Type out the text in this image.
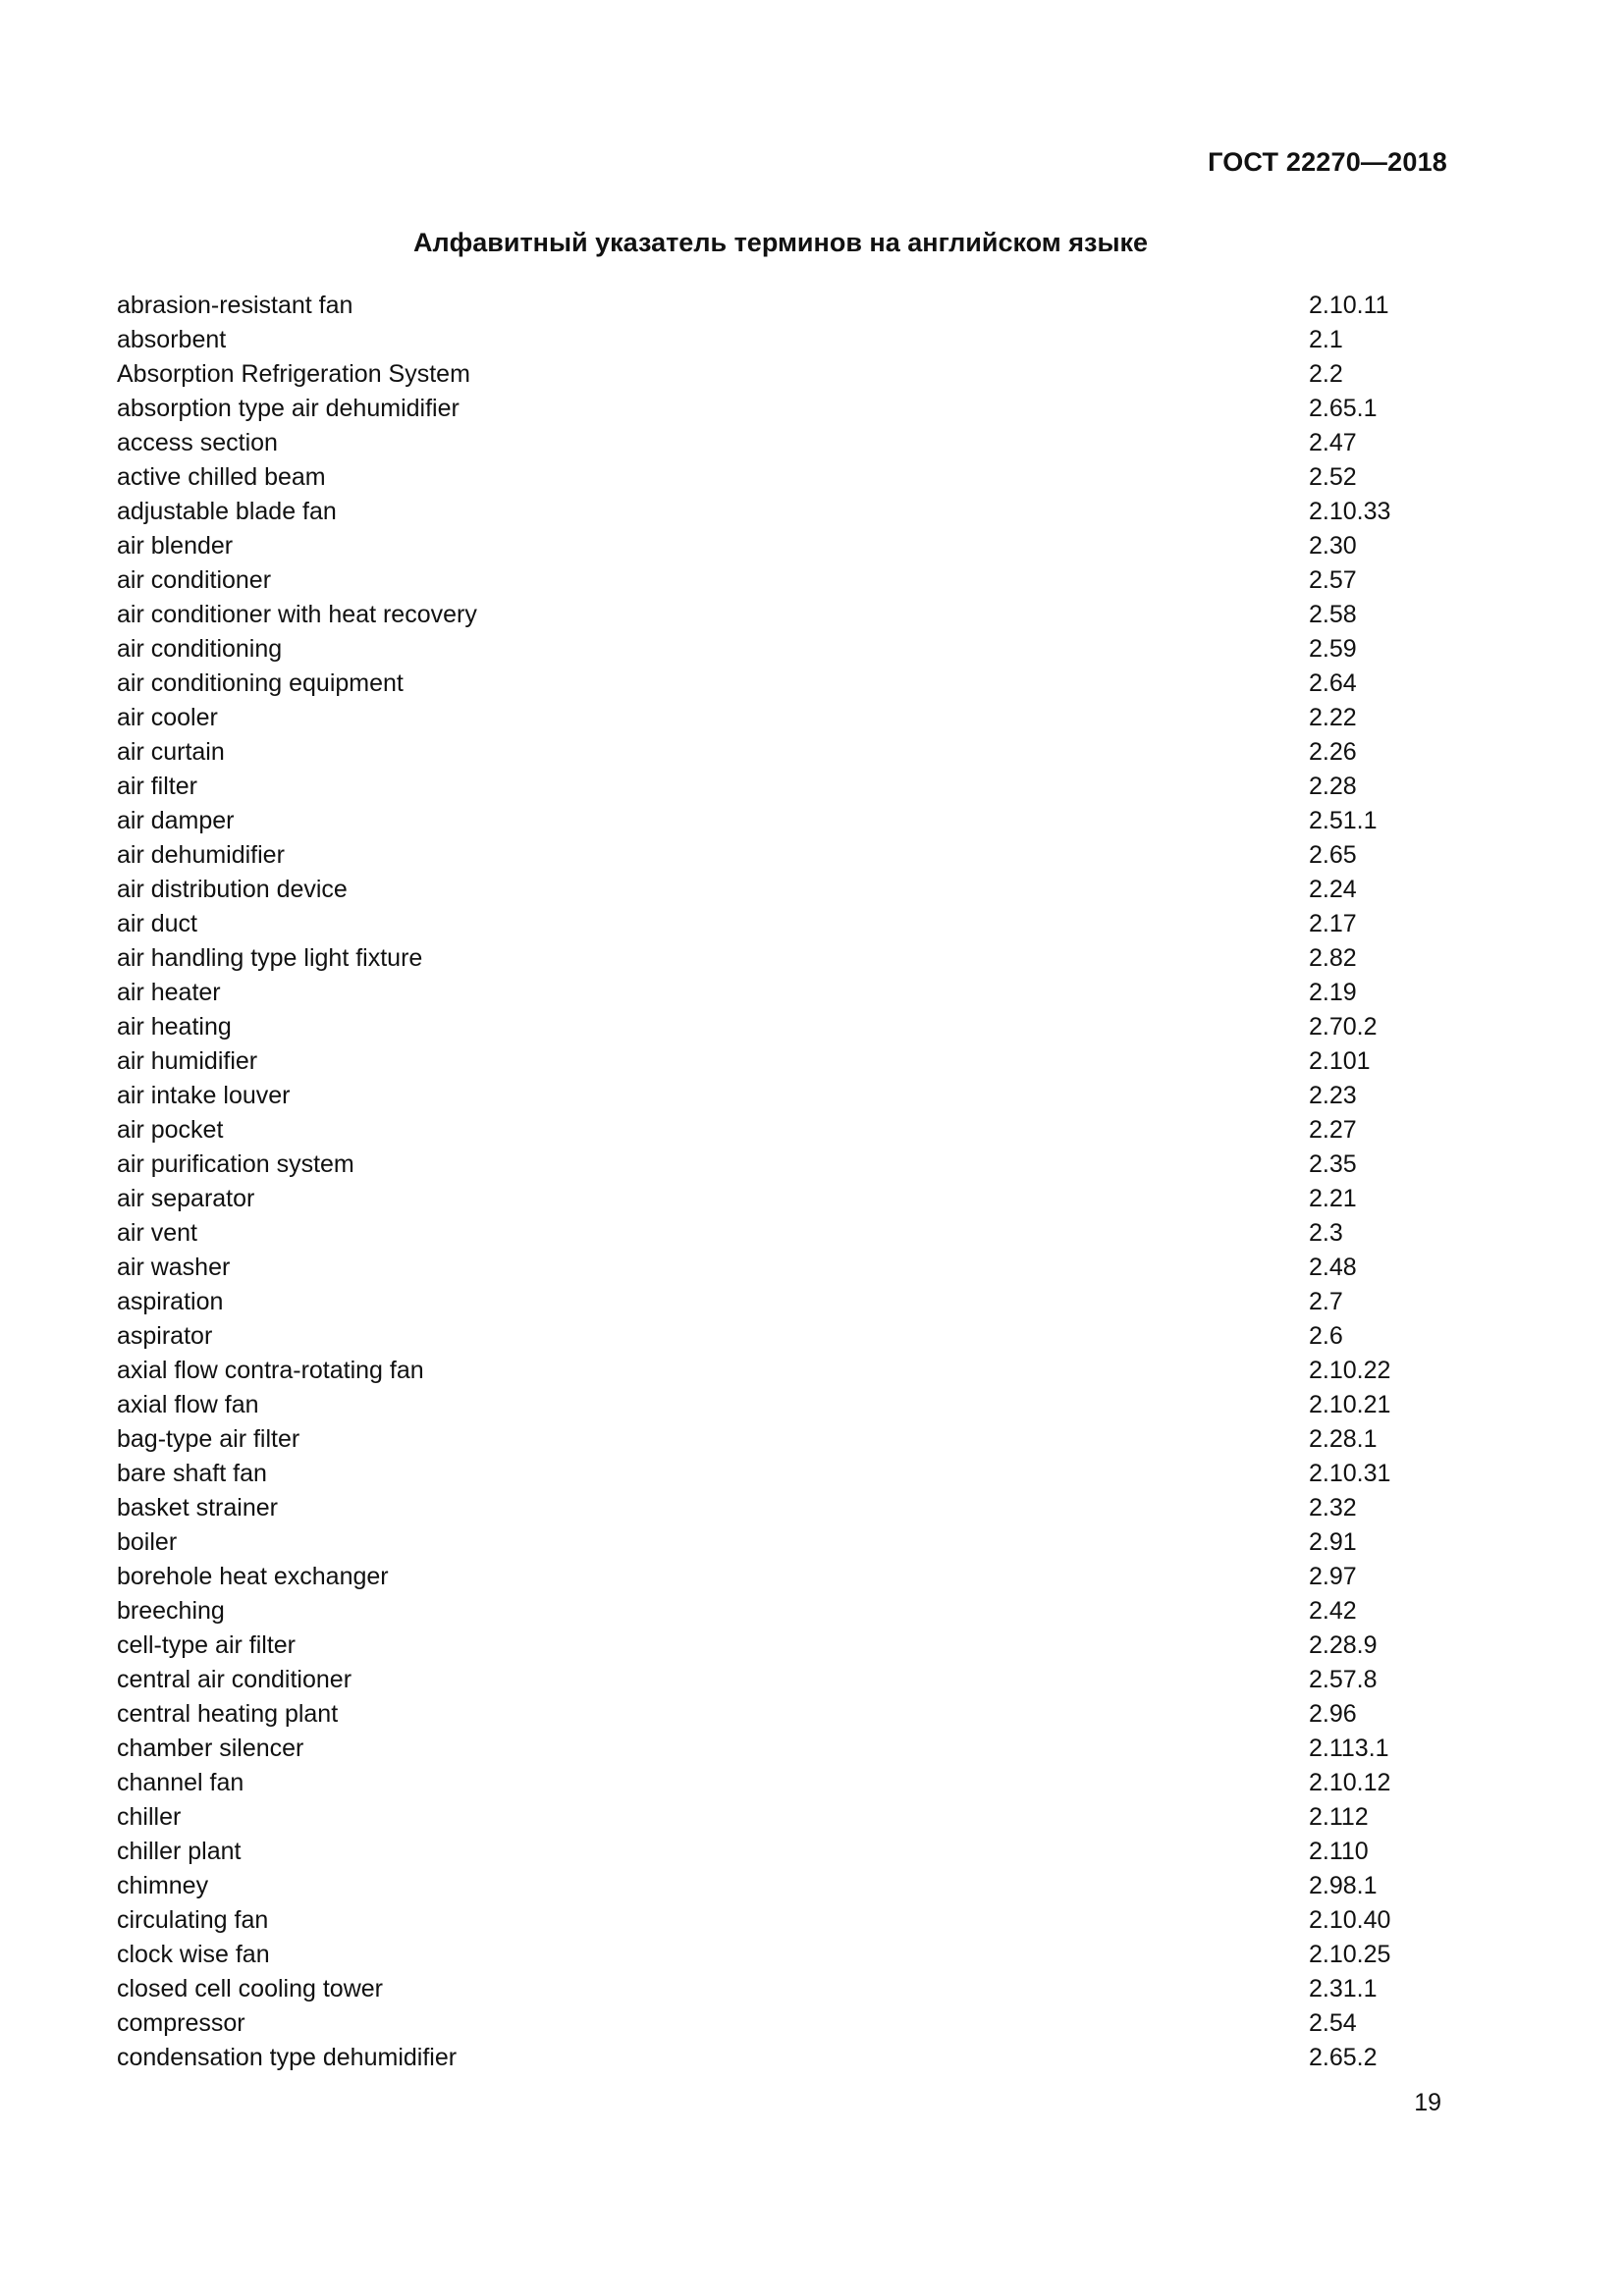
ГОСТ 22270—2018
Алфавитный указатель терминов на английском языке
abrasion-resistant fan	2.10.11
absorbent	2.1
Absorption Refrigeration System	2.2
absorption type air dehumidifier	2.65.1
access section	2.47
active chilled beam	2.52
adjustable blade fan	2.10.33
air blender	2.30
air conditioner	2.57
air conditioner with heat recovery	2.58
air conditioning	2.59
air conditioning equipment	2.64
air cooler	2.22
air curtain	2.26
air filter	2.28
air damper	2.51.1
air dehumidifier	2.65
air distribution device	2.24
air duct	2.17
air handling type light fixture	2.82
air heater	2.19
air heating	2.70.2
air humidifier	2.101
air intake louver	2.23
air pocket	2.27
air purification system	2.35
air separator	2.21
air vent	2.3
air washer	2.48
aspiration	2.7
aspirator	2.6
axial flow contra-rotating fan	2.10.22
axial flow fan	2.10.21
bag-type air filter	2.28.1
bare shaft fan	2.10.31
basket strainer	2.32
boiler	2.91
borehole heat exchanger	2.97
breeching	2.42
cell-type air filter	2.28.9
central air conditioner	2.57.8
central heating plant	2.96
chamber silencer	2.113.1
channel fan	2.10.12
chiller	2.112
chiller plant	2.110
chimney	2.98.1
circulating fan	2.10.40
clock wise fan	2.10.25
closed cell cooling tower	2.31.1
compressor	2.54
condensation type dehumidifier	2.65.2
19
